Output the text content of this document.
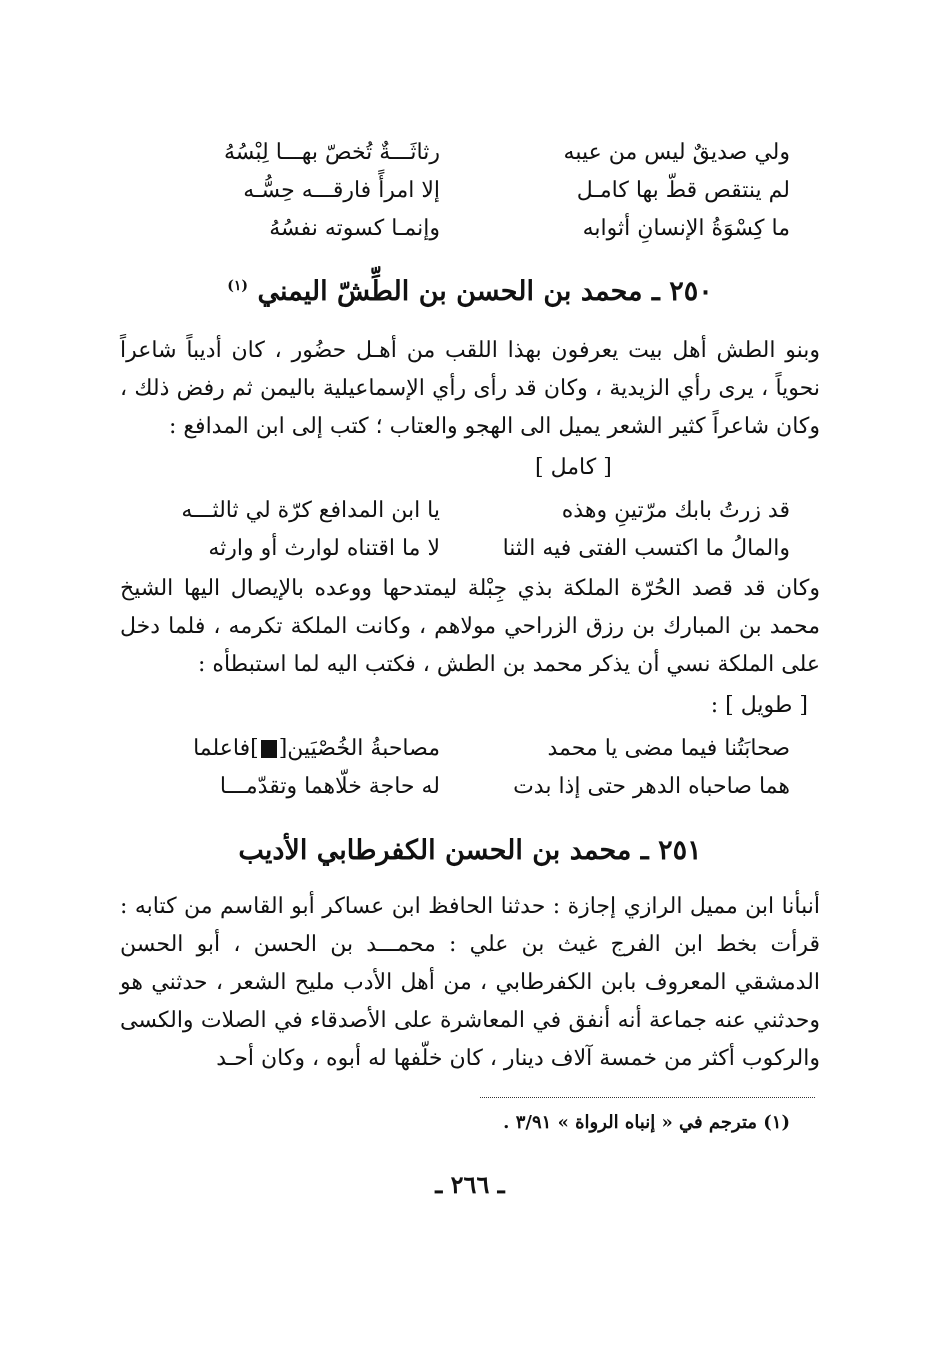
ولي صديقٌ ليس من عيبه
رثاثَـــةٌ تُخصّ بهـــا لِبْسُهُ
لم ينتقص قطّ بها كامـل
إلا امرأً فارقـــه حِسُّـه
ما كِسْوَةُ الإنسانِ أثوابه
وإنمـا كسوته نفسُهُ
٢٥٠ ـ محمد بن الحسن بن الطِّشّ اليمني $^{(١)}$
وبنو الطش أهل بيت يعرفون بهذا اللقب من أهـل حضُور ، كان أديباً شاعراً نحوياً ، يرى رأي الزيدية ، وكان قد رأى رأي الإسماعيلية باليمن ثم رفض ذلك ، وكان شاعراً كثير الشعر يميل الى الهجو والعتاب ؛ كتب إلى ابن المدافع :
[ كامل ]
قد زرتُ بابك مرّتينِ وهذه
يا ابن المدافع كرّة لي ثالثـــه
والمالُ ما اكتسب الفتى فيه الثنا
لا ما اقتناه لوارث أو وارثه
وكان قد قصد الحُرّة الملكة بذي جِبْلة ليمتدحها ووعده بالإيصال اليها الشيخ محمد بن المبارك بن رزق الزراحي مولاهم ، وكانت الملكة تكرمه ، فلما دخل على الملكة نسي أن يذكر محمد بن الطش ، فكتب اليه لما استبطأه :
[ طويل ] :
صحابَتُنا فيما مضى يا محمد
مصاحبةُ الخُصْيَين[]فاعلما
هما صاحباه الدهر حتى إذا بدت
له حاجة خلّاهما وتقدّمـــا
٢٥١ ـ محمد بن الحسن الكفرطابي الأديب
أنبأنا ابن مميل الرازي إجازة : حدثنا الحافظ ابن عساكر أبو القاسم من كتابه : قرأت بخط ابن الفرج غيث بن علي : محمـــد بن الحسن ، أبو الحسن الدمشقي المعروف بابن الكفرطابي ، من أهل الأدب مليح الشعر ، حدثني هو وحدثني عنه جماعة أنه أنفق في المعاشرة على الأصدقاء في الصلات والكسى والركوب أكثر من خمسة آلاف دينار ، كان خلّفها له أبوه ، وكان أحـد
(١) مترجم في « إنباه الرواة » ٣/٩١ .
ـ ٢٦٦ ـ
